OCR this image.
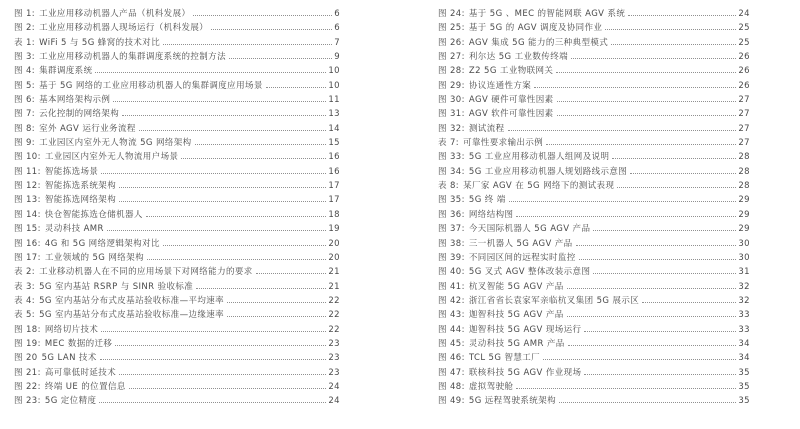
图 1: 工业应用移动机器人产品（机科发展）	6
图 2: 工业应用移动机器人现场运行（机科发展）	6
表 1: WiFi 5 与 5G 蜂窝的技术对比	7
图 3: 工业应用移动机器人的集群调度系统的控制方法	9
图 4: 集群调度系统	10
图 5: 基于 5G 网络的工业应用移动机器人的集群调度应用场景	10
图 6: 基本网络架构示例	11
图 7: 云化控制的网络架构	13
图 8: 室外 AGV 运行业务流程	14
图 9: 工业园区内室外无人物流 5G 网络架构	15
图 10: 工业园区内室外无人物流用户场景	16
图 11: 智能拣选场景	16
图 12: 智能拣选系统架构	17
图 13: 智能拣选网络架构	17
图 14: 快仓智能拣选仓储机器人	18
图 15: 灵动科技 AMR	19
图 16: 4G 和 5G 网络逻辑架构对比	20
图 17: 工业领域的 5G 网络架构	20
表 2: 工业移动机器人在不同的应用场景下对网络能力的要求	21
表 3: 5G 室内基站 RSRP 与 SINR 验收标准	21
表 4: 5G 室内基站分布式皮基站验收标准—平均速率	22
表 5: 5G 室内基站分布式皮基站验收标准—边缘速率	22
图 18: 网络切片技术	22
图 19: MEC 数据的迁移	23
图 20 5G LAN 技术	23
图 21: 高可靠低时延技术	23
图 22: 终端 UE 的位置信息	24
图 23: 5G 定位精度	24
图 24: 基于 5G 、MEC 的智能网联 AGV 系统	24
图 25: 基于 5G 的 AGV 调度及协同作业	25
图 26: AGV 集成 5G 能力的三种典型模式	25
图 27: 利尔达 5G 工业数传终端	26
图 28: Z2 5G 工业物联网关	26
图 29: 协议连通性方案	26
图 30: AGV 硬件可靠性因素	27
图 31: AGV 软件可靠性因素	27
图 32: 测试流程	27
表 7: 可靠性要求输出示例	27
图 33: 5G 工业应用移动机器人组网及说明	28
图 34: 5G 工业应用移动机器人规划路线示意图	28
表 8: 某厂家 AGV 在 5G 网络下的测试表现	28
图 35: 5G 终 端	29
图 36: 网络结构图	29
图 37: 今天国际机器人 5G AGV 产品	29
图 38: 三一机器人 5G AGV 产品	30
图 39: 不同园区间的远程实时监控	30
图 40: 5G 叉式 AGV 整体改装示意图	31
图 41: 杭叉智能 5G AGV 产品	32
图 42: 浙江省省长袁家军亲临杭叉集团 5G 展示区	32
图 43: 迦智科技 5G AGV 产品	33
图 44: 迦智科技 5G AGV 现场运行	33
图 45: 灵动科技 5G AMR 产品	34
图 46: TCL 5G 智慧工厂	34
图 47: 联核科技 5G AGV 作业现场	35
图 48: 虚拟驾驶舱	35
图 49: 5G 远程驾驶系统架构	35
